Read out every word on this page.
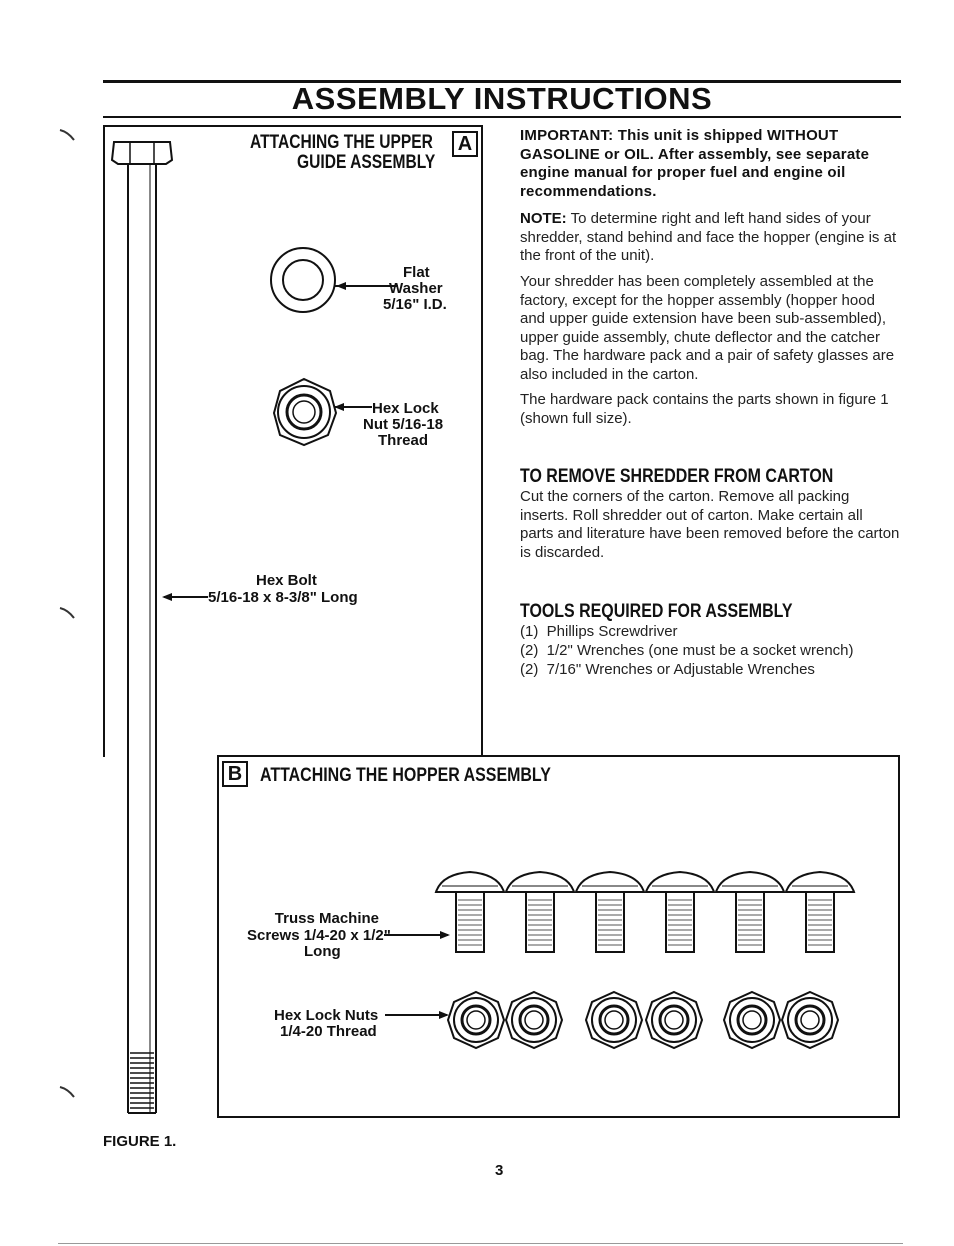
ASSEMBLY INSTRUCTIONS
ATTACHING THE UPPER
GUIDE ASSEMBLY
A
Flat
Washer
5/16" I.D.
Hex Lock
Nut 5/16-18
Thread
Hex Bolt
5/16-18 x 8-3/8" Long
IMPORTANT: This unit is shipped WITHOUT GASOLINE or OIL. After assembly, see separate engine manual for proper fuel and engine oil recommendations.
NOTE: To determine right and left hand sides of your shredder, stand behind and face the hopper (engine is at the front of the unit).
Your shredder has been completely assembled at the factory, except for the hopper assembly (hopper hood and upper guide extension have been sub-assembled), upper guide assembly, chute deflector and the catcher bag. The hardware pack and a pair of safety glasses are also included in the carton.
The hardware pack contains the parts shown in figure 1 (shown full size).
TO REMOVE SHREDDER FROM CARTON
Cut the corners of the carton. Remove all packing inserts. Roll shredder out of carton. Make certain all parts and literature have been removed before the carton is discarded.
TOOLS REQUIRED FOR ASSEMBLY
(1)  Phillips Screwdriver
(2)  1/2" Wrenches (one must be a socket wrench)
(2)  7/16" Wrenches or Adjustable Wrenches
B ATTACHING THE HOPPER ASSEMBLY
Truss Machine
Screws 1/4-20 x 1/2"
Long
Hex Lock Nuts
1/4-20 Thread
FIGURE 1.
3
